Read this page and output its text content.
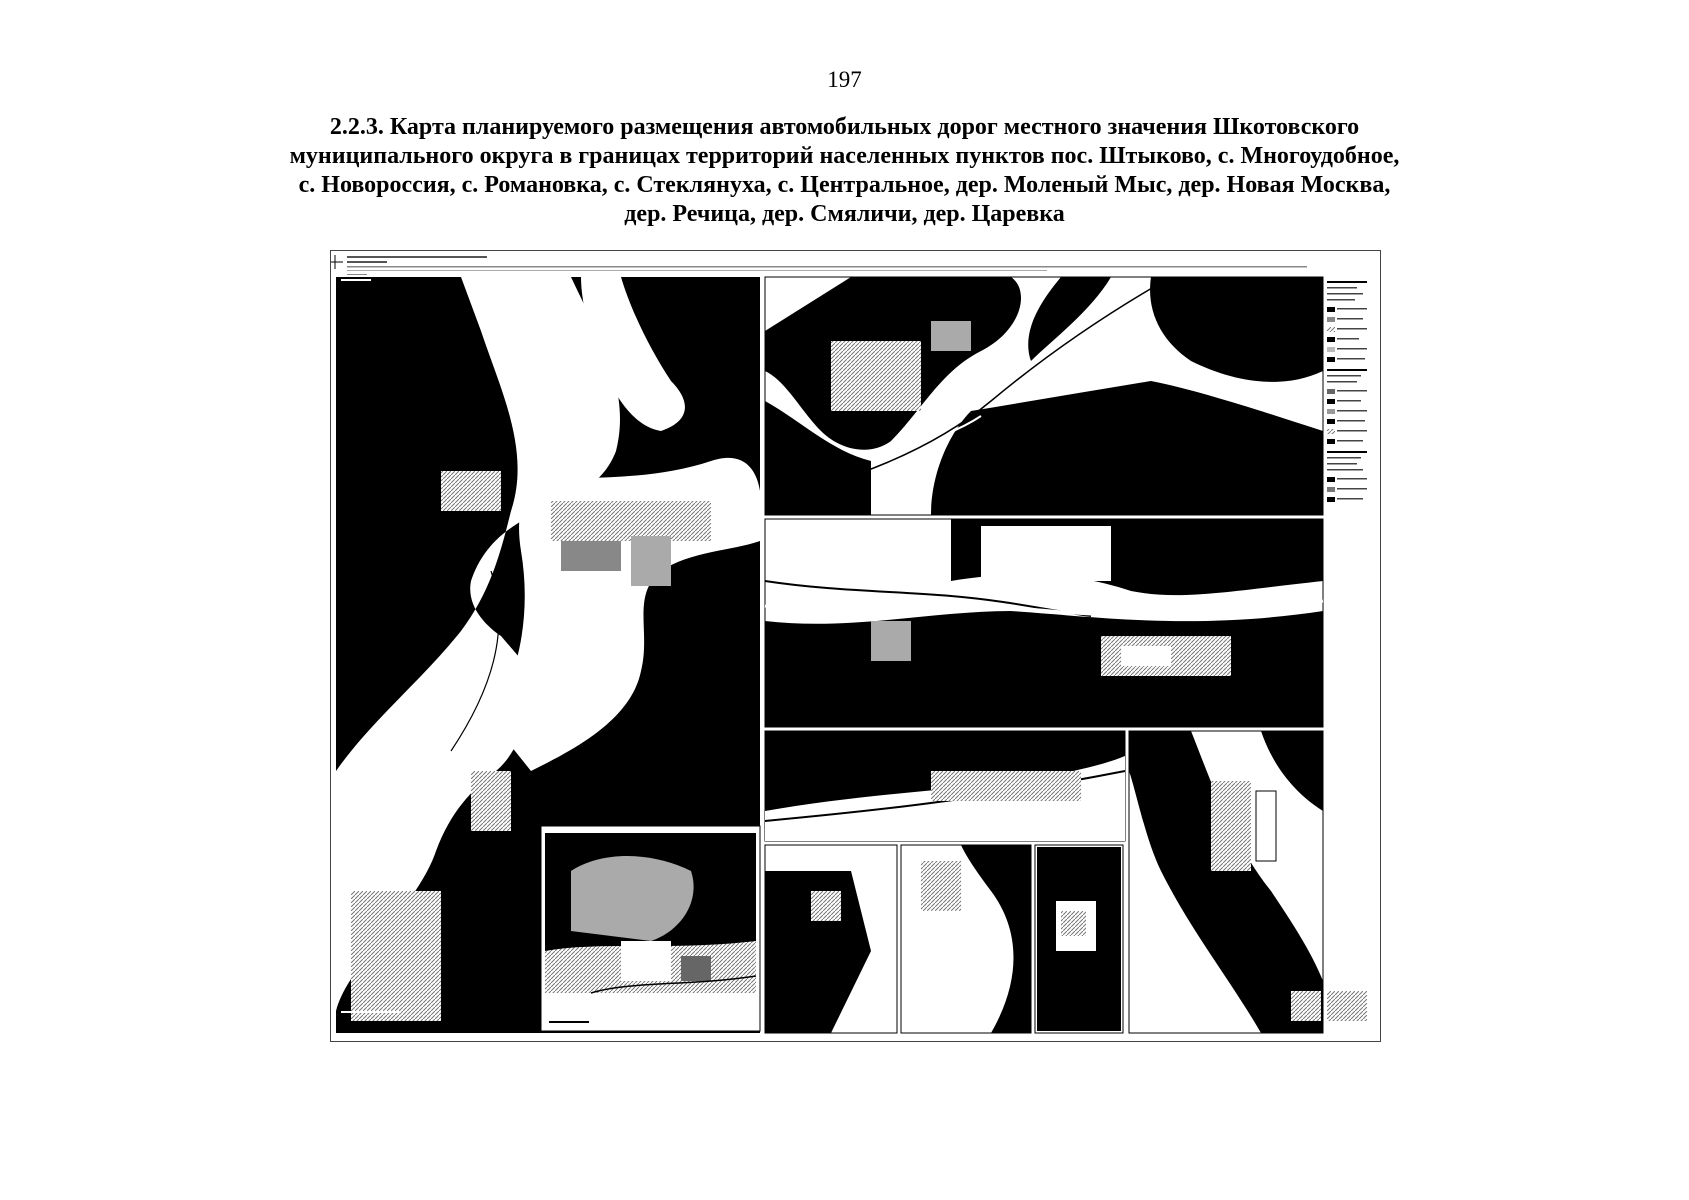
197
2.2.3. Карта планируемого размещения автомобильных дорог местного значения Шкотовского
муниципального округа в границах территорий населенных пунктов пос. Штыково, с. Многоудобное,
с. Новороссия, с. Романовка, с. Стеклянуха, с. Центральное, дер. Моленый Мыс, дер. Новая Москва,
дер. Речица, дер. Смяличи, дер. Царевка
